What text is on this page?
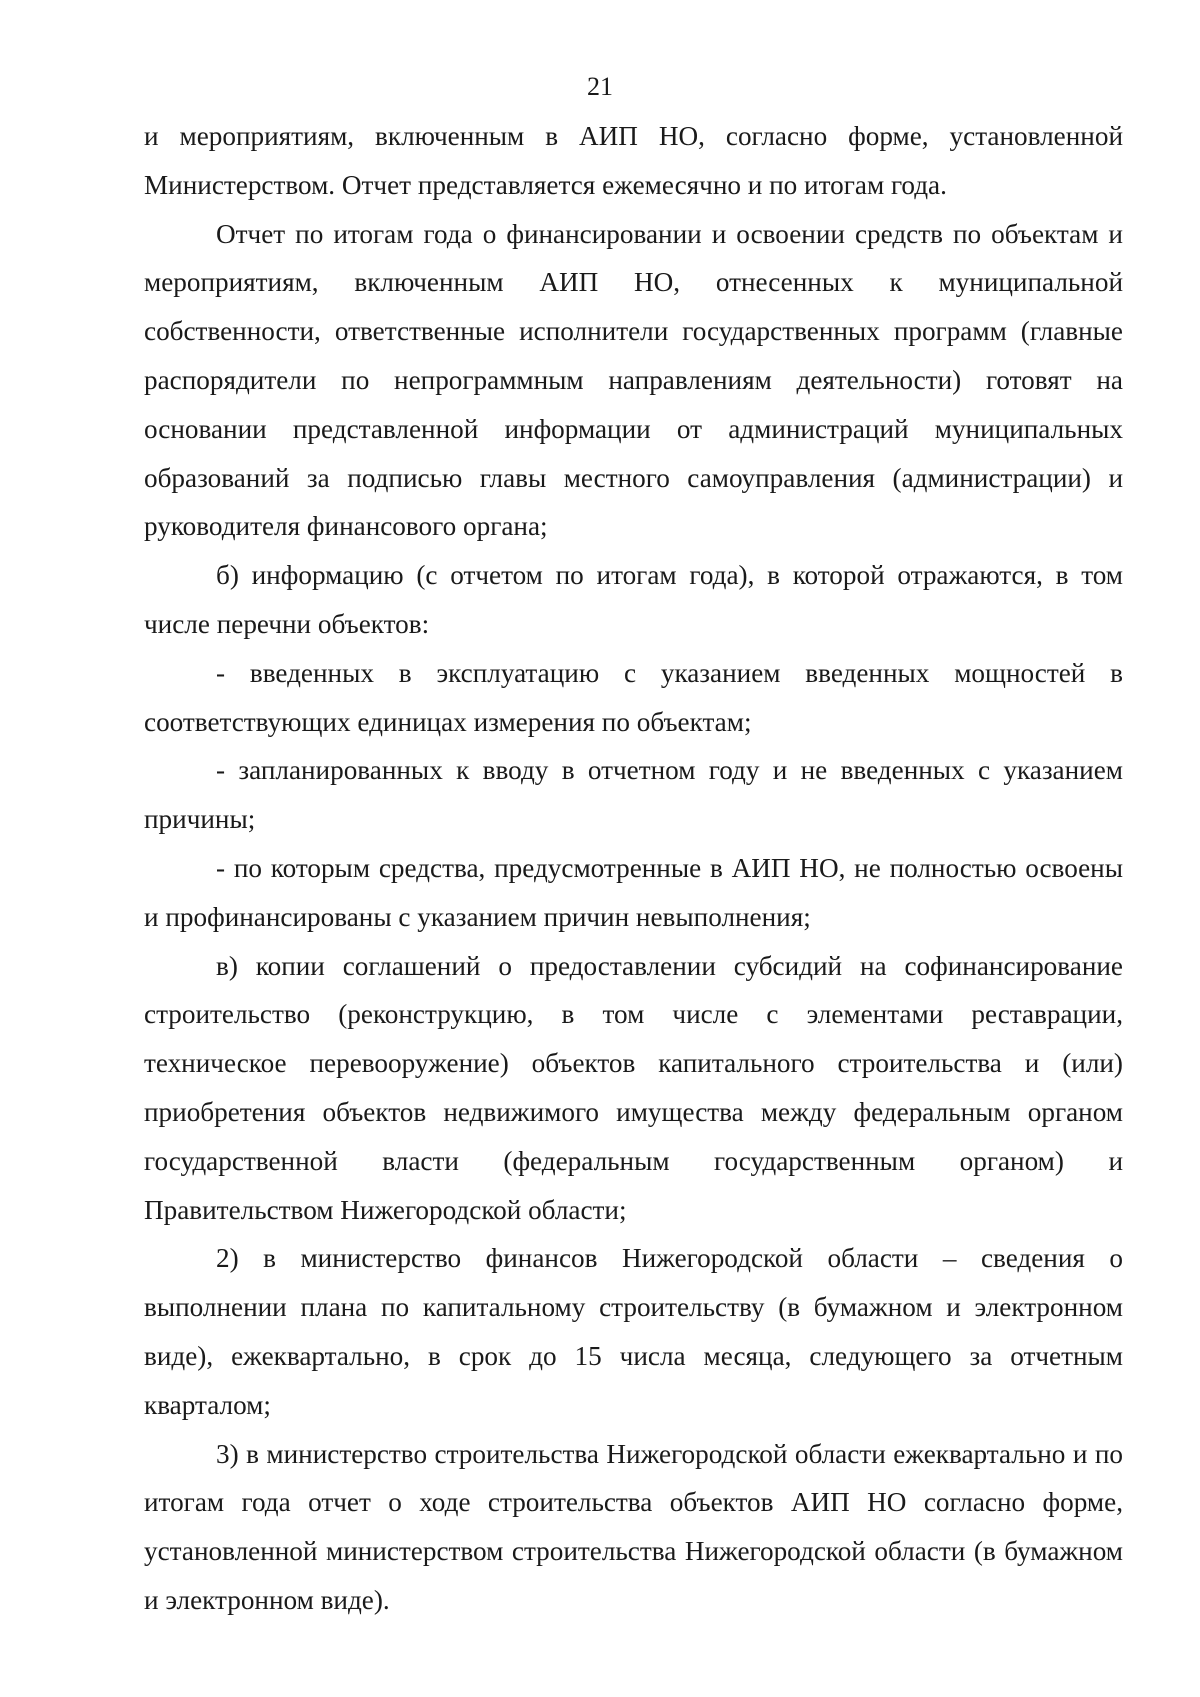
21

и мероприятиям, включенным в АИП НО, согласно форме, установленной Министерством. Отчет представляется ежемесячно и по итогам года.

Отчет по итогам года о финансировании и освоении средств по объектам и мероприятиям, включенным АИП НО, отнесенных к муниципальной собственности, ответственные исполнители государственных программ (главные распорядители по непрограммным направлениям деятельности) готовят на основании представленной информации от администраций муниципальных образований за подписью главы местного самоуправления (администрации) и руководителя финансового органа;

б) информацию (с отчетом по итогам года), в которой отражаются, в том числе перечни объектов:

- введенных в эксплуатацию с указанием введенных мощностей в соответствующих единицах измерения по объектам;

- запланированных к вводу в отчетном году и не введенных с указанием причины;

- по которым средства, предусмотренные в АИП НО, не полностью освоены и профинансированы с указанием причин невыполнения;

в) копии соглашений о предоставлении субсидий на софинансирование строительство (реконструкцию, в том числе с элементами реставрации, техническое перевооружение) объектов капитального строительства и (или) приобретения объектов недвижимого имущества между федеральным органом государственной власти (федеральным государственным органом) и Правительством Нижегородской области;

2) в министерство финансов Нижегородской области – сведения о выполнении плана по капитальному строительству (в бумажном и электронном виде), ежеквартально, в срок до 15 числа месяца, следующего за отчетным кварталом;

3) в министерство строительства Нижегородской области ежеквартально и по итогам года отчет о ходе строительства объектов АИП НО согласно форме, установленной министерством строительства Нижегородской области (в бумажном и электронном виде).
